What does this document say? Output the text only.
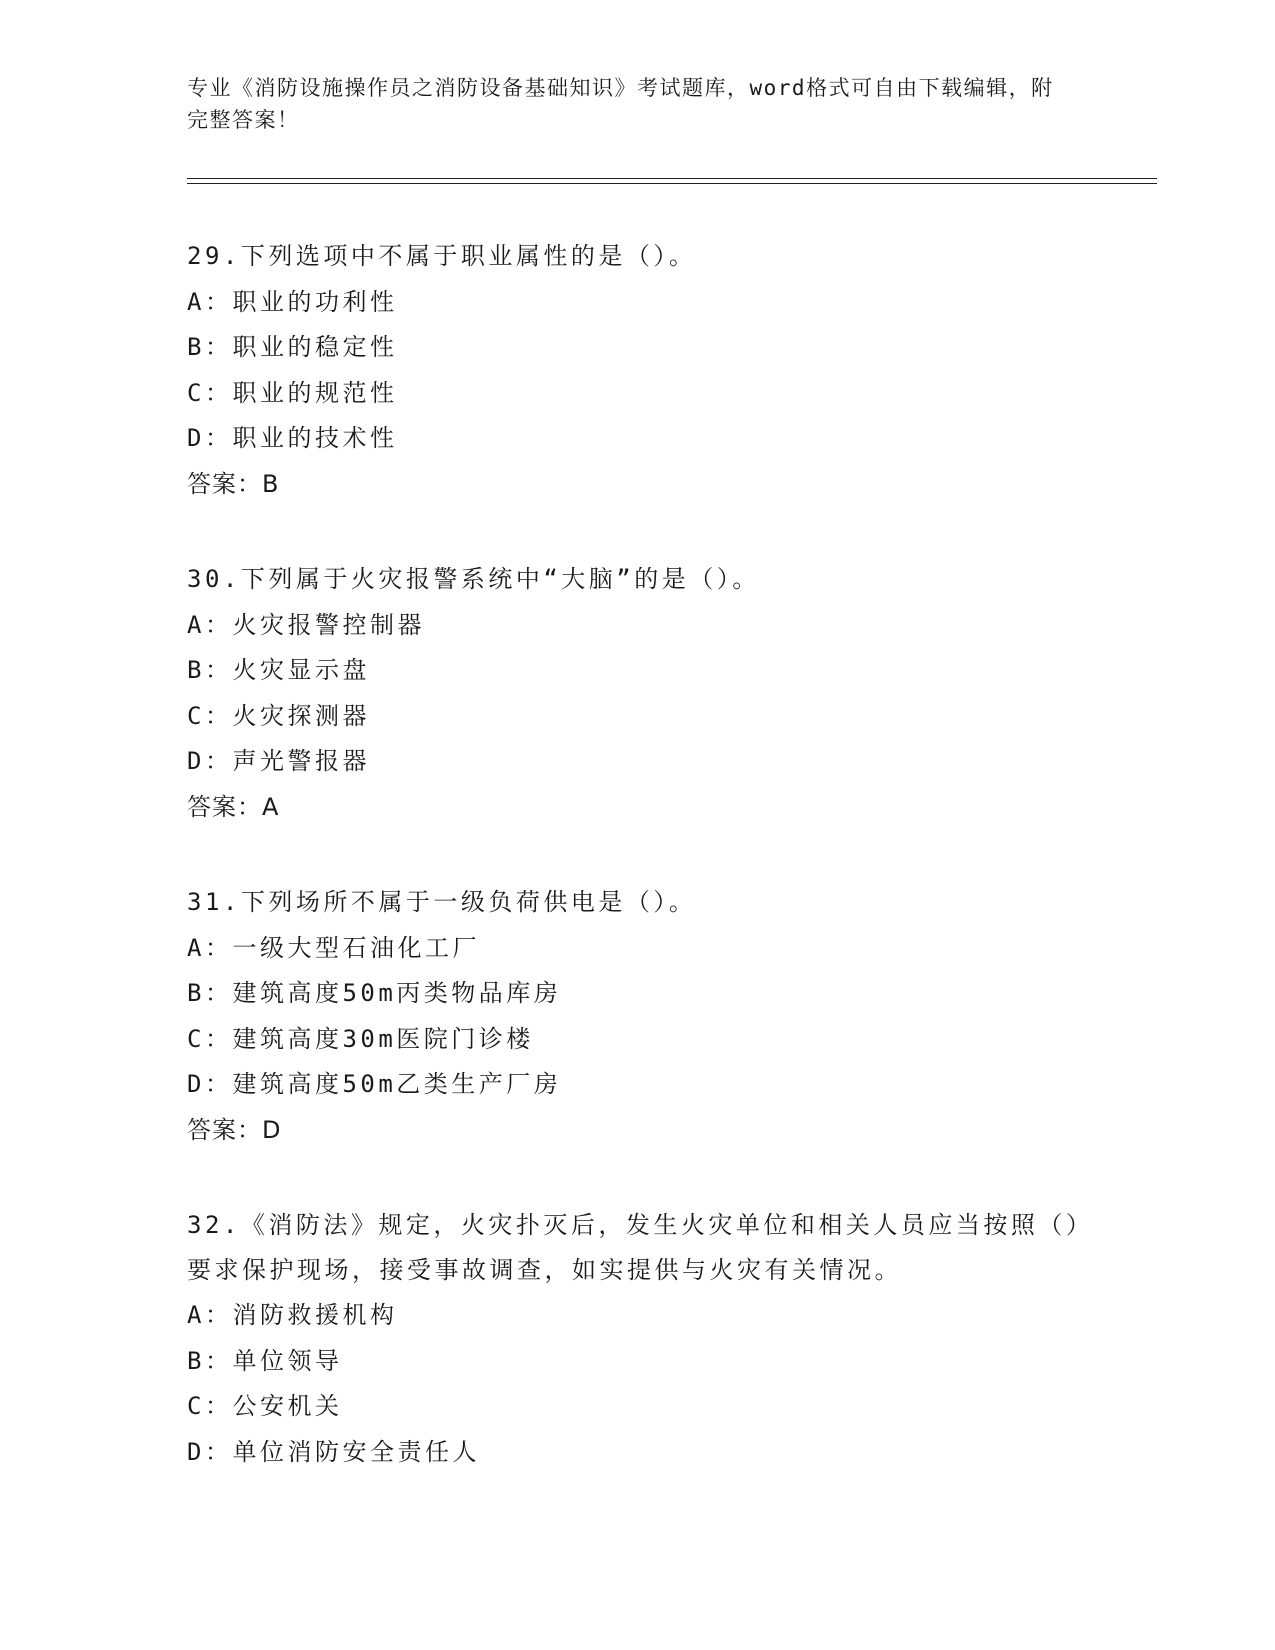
专业《消防设施操作员之消防设备基础知识》考试题库，word格式可自由下载编辑，附完整答案！
29.下列选项中不属于职业属性的是（）。
A：职业的功利性
B：职业的稳定性
C：职业的规范性
D：职业的技术性
答案：B
30.下列属于火灾报警系统中“大脑”的是（）。
A：火灾报警控制器
B：火灾显示盘
C：火灾探测器
D：声光警报器
答案：A
31.下列场所不属于一级负荷供电是（）。
A：一级大型石油化工厂
B：建筑高度50m丙类物品库房
C：建筑高度30m医院门诊楼
D：建筑高度50m乙类生产厂房
答案：D
32.《消防法》规定，火灾扑灭后，发生火灾单位和相关人员应当按照（）要求保护现场，接受事故调查，如实提供与火灾有关情况。
A：消防救援机构
B：单位领导
C：公安机关
D：单位消防安全责任人
